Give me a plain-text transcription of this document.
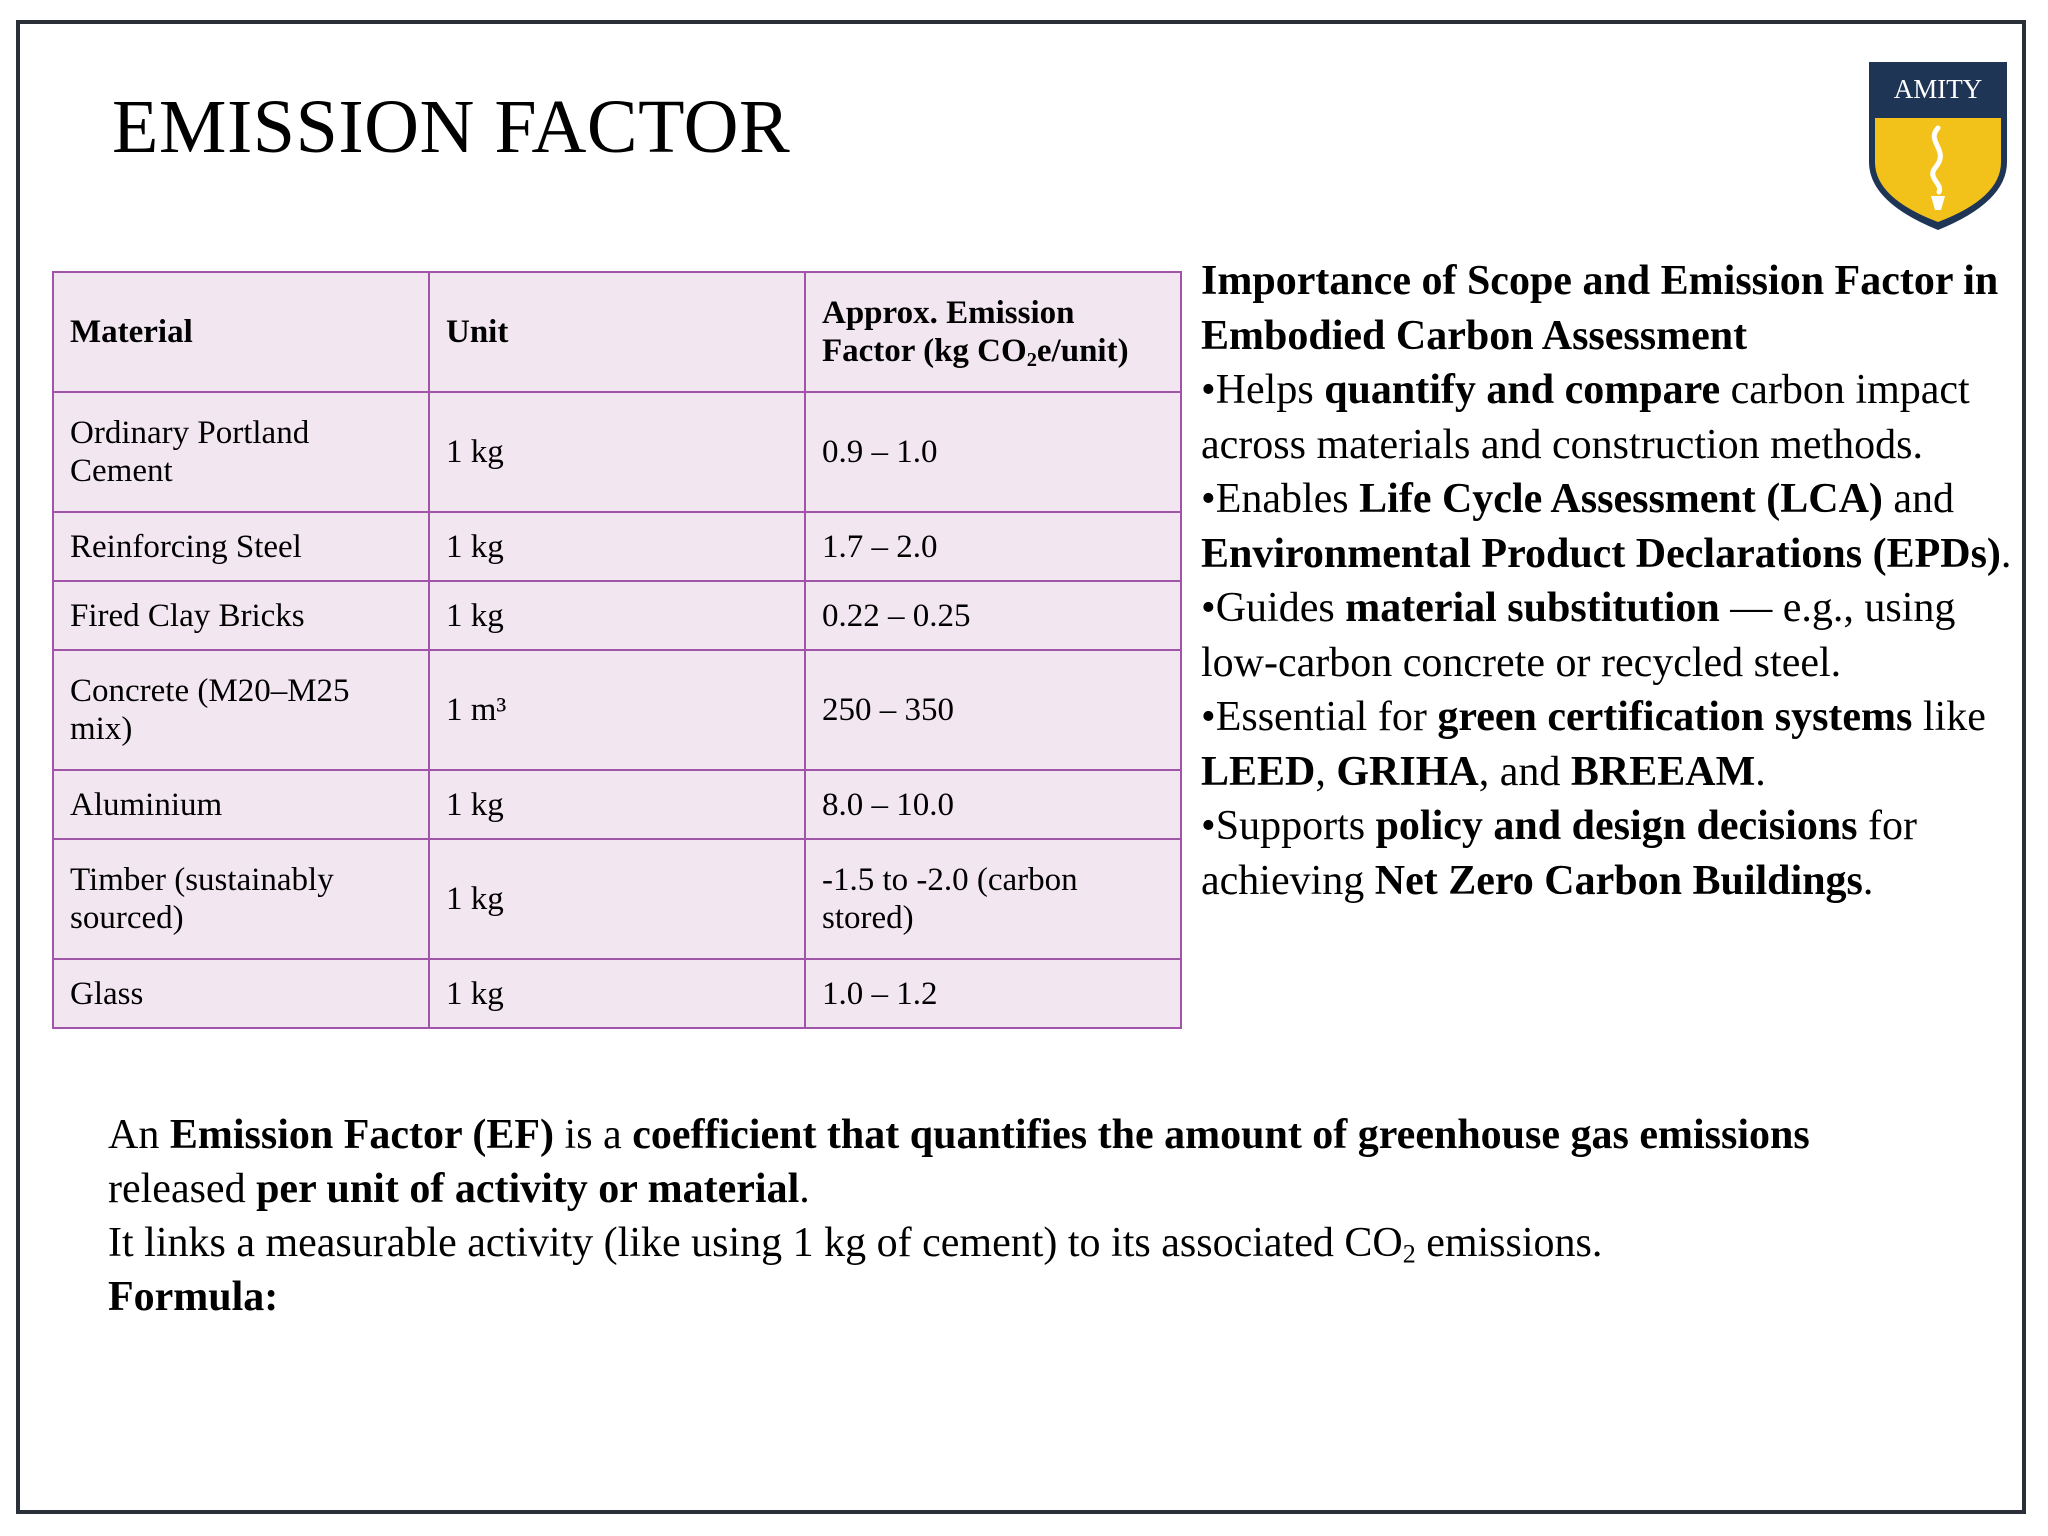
EMISSION FACTOR	AMITY
Material	Unit	Approx. Emission Factor (kg $CO_2e/unit$)
Ordinary Portland Cement	1 kg	0.9 – 1.0
Reinforcing Steel	1 kg	1.7 – 2.0
Fired Clay Bricks	1 kg	0.22 – 0.25
Concrete (M20–M25 mix)	1 m³	250 – 350
Aluminium	1 kg	8.0 – 10.0
Timber (sustainably sourced)	1 kg	-1.5 to -2.0 (carbon stored)
Glass	1 kg	1.0 – 1.2

Importance of Scope and Emission Factor in Embodied Carbon Assessment

•Helps quantify and compare carbon impact across materials and construction methods.

•Enables Life Cycle Assessment (LCA) and Environmental Product Declarations (EPDs).

•Guides material substitution — e.g., using low-carbon concrete or recycled steel.

•Essential for green certification systems like LEED, GRIHA, and BREEAM.

•Supports policy and design decisions for achieving Net Zero Carbon Buildings.

An Emission Factor (EF) is a coefficient that quantifies the amount of greenhouse gas emissions
released per unit of activity or material.

It links a measurable activity (like using 1 kg of cement) to its associated $CO_2$ emissions.

Formula:
